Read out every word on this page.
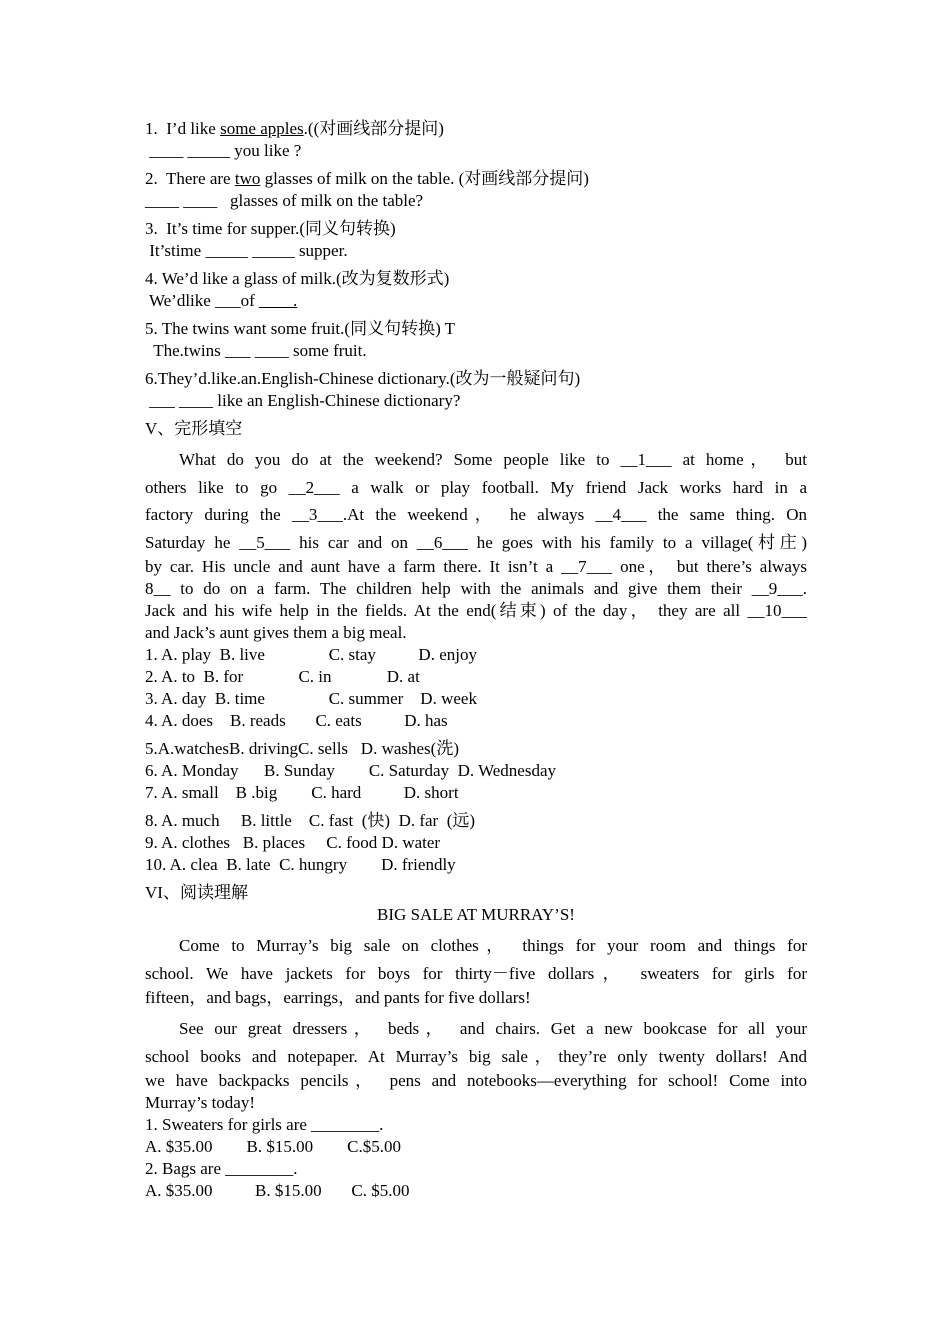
1.  I’d like some apples.((对画线部分提问)
____ _____ you like ?
2.  There are two glasses of milk on the table. (对画线部分提问)
____ ____   glasses of milk on the table?
3.  It’s time for supper.(同义句转换)
It’stime _____ _____ supper.
4. We’d like a glass of milk.(改为复数形式)
We’dlike ___of ____.
5. The twins want some fruit.(同义句转换) T
The.twins ___ ____ some fruit.
6.They’d.like.an.English-Chinese dictionary.(改为一般疑问句)
___ ____ like an English-Chinese dictionary?
V、完形填空
What do you do at the weekend? Some people like to __1___ at home， but
others like to go __2___ a walk or play football. My friend Jack works hard in a
factory during the __3___.At the weekend， he always __4___ the same thing. On
Saturday he __5___ his car and on __6___ he goes with his family to a village(村庄)
by car. His uncle and aunt have a farm there. It isn’t a __7___ one， but there’s always
8__ to do on a farm. The children help with the animals and give them their __9___.
Jack and his wife help in the fields. At the end(结束) of the day， they are all __10___
and Jack’s aunt gives them a big meal.
1. A. play  B. live               C. stay          D. enjoy
2. A. to  B. for             C. in             D. at
3. A. day  B. time               C. summer    D. week
4. A. does    B. reads       C. eats          D. has
5.A.watchesB. drivingC. sells   D. washes(洗)
6. A. Monday      B. Sunday        C. Saturday  D. Wednesday
7. A. small    B .big        C. hard          D. short
8. A. much     B. little    C. fast  (快)  D. far  (远)
9. A. clothes   B. places     C. food D. water
10. A. clea  B. late  C. hungry        D. friendly
VI、阅读理解
BIG SALE AT MURRAY’S!
Come to Murray’s big sale on clothes， things for your room and things for
school. We have jackets for boys for thirty－five dollars， sweaters for girls for
fifteen，and bags，earrings，and pants for five dollars!
See our great dressers， beds， and chairs. Get a new bookcase for all your
school books and notepaper. At Murray’s big sale，they’re only twenty dollars! And
we have backpacks pencils， pens and notebooks—everything for school! Come into
Murray’s today!
1. Sweaters for girls are ________.
A. $35.00        B. $15.00        C.$5.00
2. Bags are ________.
A. $35.00          B. $15.00       C. $5.00
